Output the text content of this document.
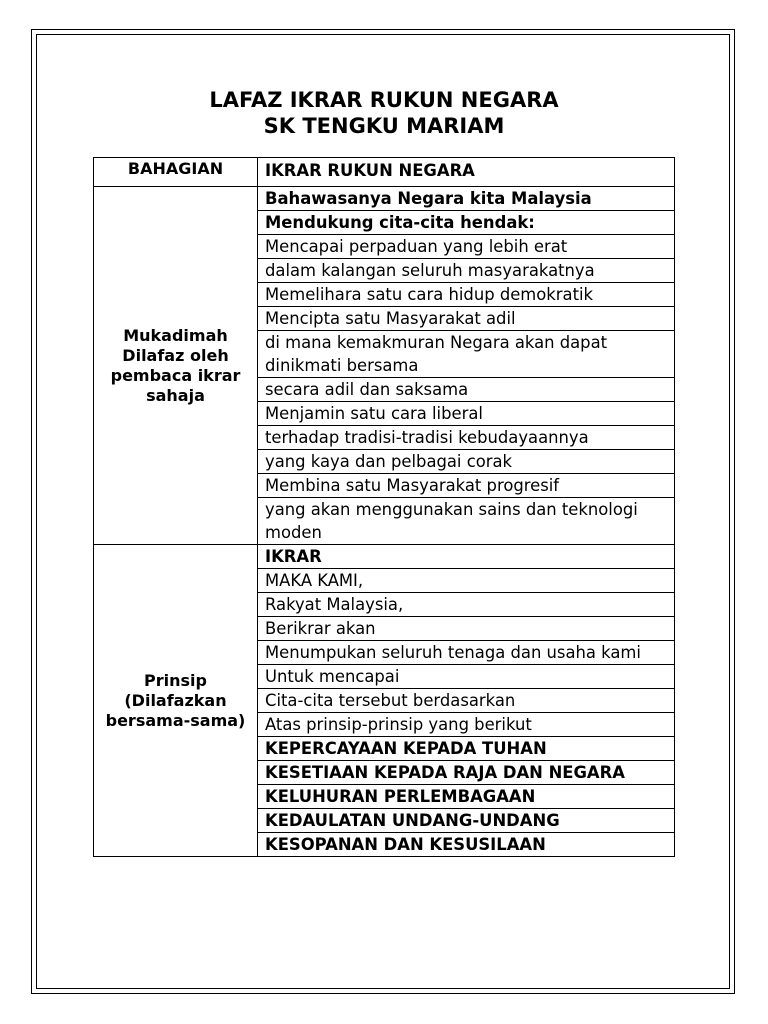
LAFAZ IKRAR RUKUN NEGARA
SK TENGKU MARIAM
BAHAGIAN	IKRAR RUKUN NEGARA
Mukadimah Dilafaz oleh pembaca ikrar sahaja	Bahawasanya Negara kita Malaysia
	Mendukung cita-cita hendak:
	Mencapai perpaduan yang lebih erat
	dalam kalangan seluruh masyarakatnya
	Memelihara satu cara hidup demokratik
	Mencipta satu Masyarakat adil
	di mana kemakmuran Negara akan dapat dinikmati bersama
	secara adil dan saksama
	Menjamin satu cara liberal
	terhadap tradisi-tradisi kebudayaannya
	yang kaya dan pelbagai corak
	Membina satu Masyarakat progresif
	yang akan menggunakan sains dan teknologi moden
Prinsip (Dilafazkan bersama-sama)	IKRAR
	MAKA KAMI,
	Rakyat Malaysia,
	Berikrar akan
	Menumpukan seluruh tenaga dan usaha kami
	Untuk mencapai
	Cita-cita tersebut berdasarkan
	Atas prinsip-prinsip yang berikut
	KEPERCAYAAN KEPADA TUHAN
	KESETIAAN KEPADA RAJA DAN NEGARA
	KELUHURAN PERLEMBAGAAN
	KEDAULATAN UNDANG-UNDANG
	KESOPANAN DAN KESUSILAAN
